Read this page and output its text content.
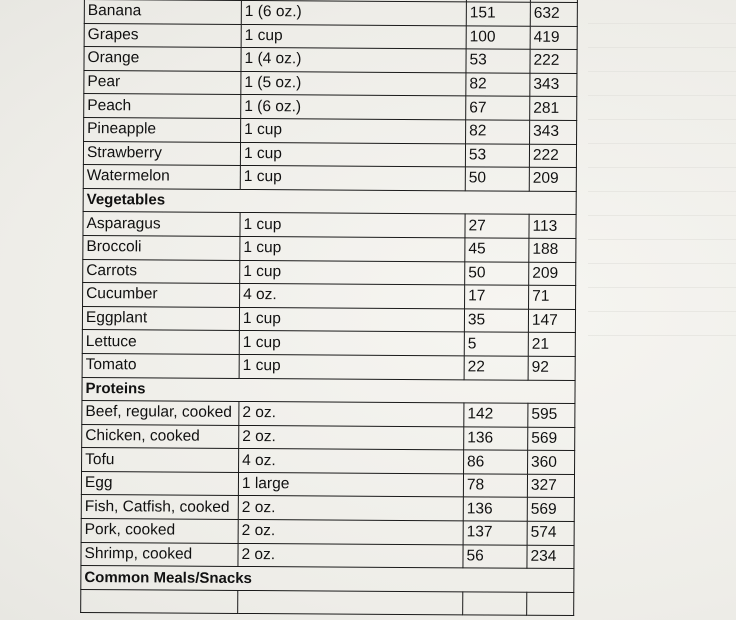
Banana	1 (6 oz.)	151	632
Grapes	1 cup	100	419
Orange	1 (4 oz.)	53	222
Pear	1 (5 oz.)	82	343
Peach	1 (6 oz.)	67	281
Pineapple	1 cup	82	343
Strawberry	1 cup	53	222
Watermelon	1 cup	50	209
Vegetables			
Asparagus	1 cup	27	113
Broccoli	1 cup	45	188
Carrots	1 cup	50	209
Cucumber	4 oz.	17	71
Eggplant	1 cup	35	147
Lettuce	1 cup	5	21
Tomato	1 cup	22	92
Proteins			
Beef, regular, cooked	2 oz.	142	595
Chicken, cooked	2 oz.	136	569
Tofu	4 oz.	86	360
Egg	1 large	78	327
Fish, Catfish, cooked	2 oz.	136	569
Pork, cooked	2 oz.	137	574
Shrimp, cooked	2 oz.	56	234
Common Meals/Snacks			
